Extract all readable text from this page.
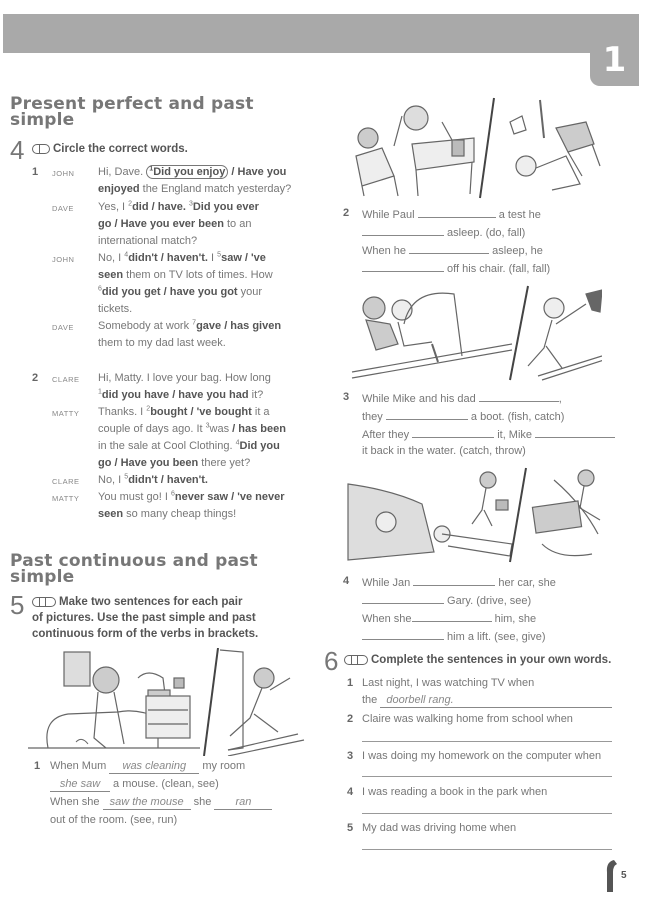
1
Present perfect and past
simple
4	Circle the correct words.
1 JOHN Hi, Dave. $^1$Did you enjoy / Have you
enjoyed the England match yesterday?
DAVE Yes, I $^2$did / have. $^3$Did you ever
go / Have you ever been to an
international match?
JOHN No, I $^4$didn't / haven't. I $^5$saw / 've
seen them on TV lots of times. How
$^6$did you get / have you got your
tickets.
DAVE Somebody at work $^7$gave / has given
them to my dad last week.
2 CLARE Hi, Matty. I love your bag. How long
$^1$did you have / have you had it?
MATTY Thanks. I $^2$bought / 've bought it a
couple of days ago. It $^3$was / has been
in the sale at Cool Clothing. $^4$Did you
go / Have you been there yet?
CLARE No, I $^5$didn't / haven't.
MATTY You must go! I $^6$never saw / 've never
seen so many cheap things!
Past continuous and past
simple
5	Make two sentences for each pair
of pictures. Use the past simple and past
continuous form of the verbs in brackets.
1 When Mum was cleaning my room
she saw a mouse. (clean, see)
When she saw the mouse she ran
out of the room. (see, run)
2 While Paul	a test he
asleep. (do, fall)
When he	asleep, he
off his chair. (fall, fall)
3 While Mike and his dad	,
they	a boot. (fish, catch)
After they	it, Mike
it back in the water. (catch, throw)
4 While Jan	her car, she
Gary. (drive, see)
When she	him, she
him a lift. (see, give)
6	Complete the sentences in your own words.
1 Last night, I was watching TV when
the doorbell rang.
2 Claire was walking home from school when
3 I was doing my homework on the computer when
4 I was reading a book in the park when
5 My dad was driving home when
5
